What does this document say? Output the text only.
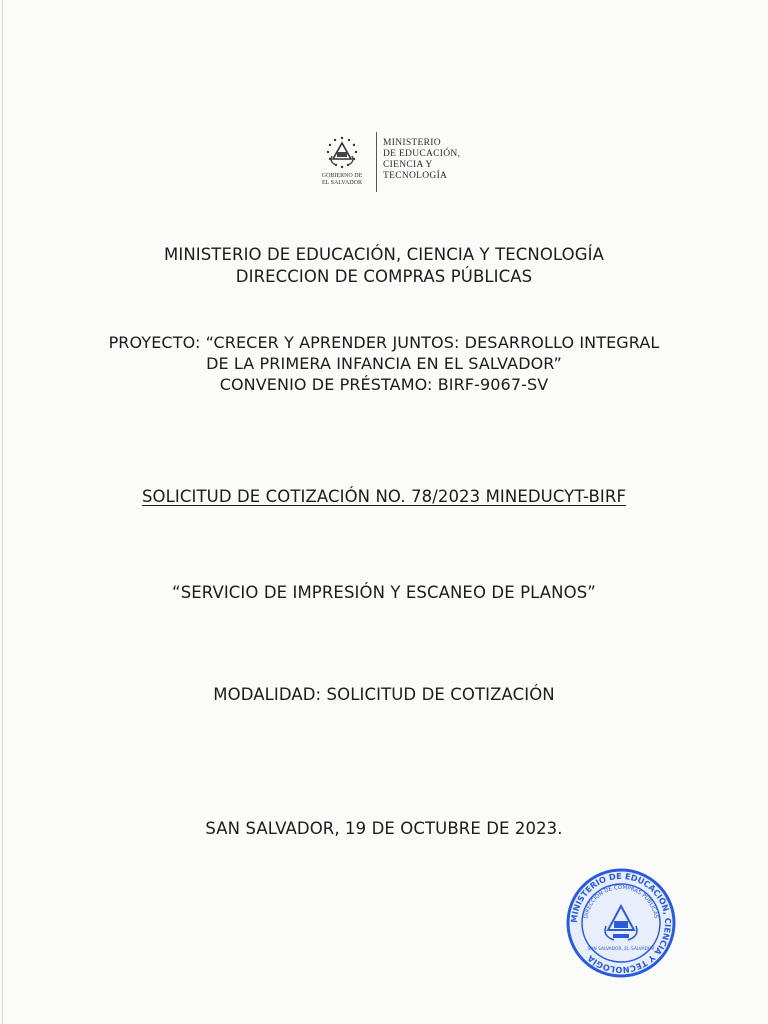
GOBIERNO DE
EL SALVADOR
MINISTERIO
DE EDUCACIÓN,
CIENCIA Y
TECNOLOGÍA
MINISTERIO DE EDUCACIÓN, CIENCIA Y TECNOLOGÍA
DIRECCION DE COMPRAS PÚBLICAS
PROYECTO: “CRECER Y APRENDER JUNTOS: DESARROLLO INTEGRAL
DE LA PRIMERA INFANCIA EN EL SALVADOR”
CONVENIO DE PRÉSTAMO: BIRF-9067-SV
SOLICITUD DE COTIZACIÓN NO. 78/2023 MINEDUCYT-BIRF
“SERVICIO DE IMPRESIÓN Y ESCANEO DE PLANOS”
MODALIDAD: SOLICITUD DE COTIZACIÓN
SAN SALVADOR, 19 DE OCTUBRE DE 2023.
MINISTERIO DE EDUCACIÓN, CIENCIA Y TECNOLOGÍA
DIRECCIÓN DE COMPRAS PÚBLICAS
SAN SALVADOR, EL SALVADOR
